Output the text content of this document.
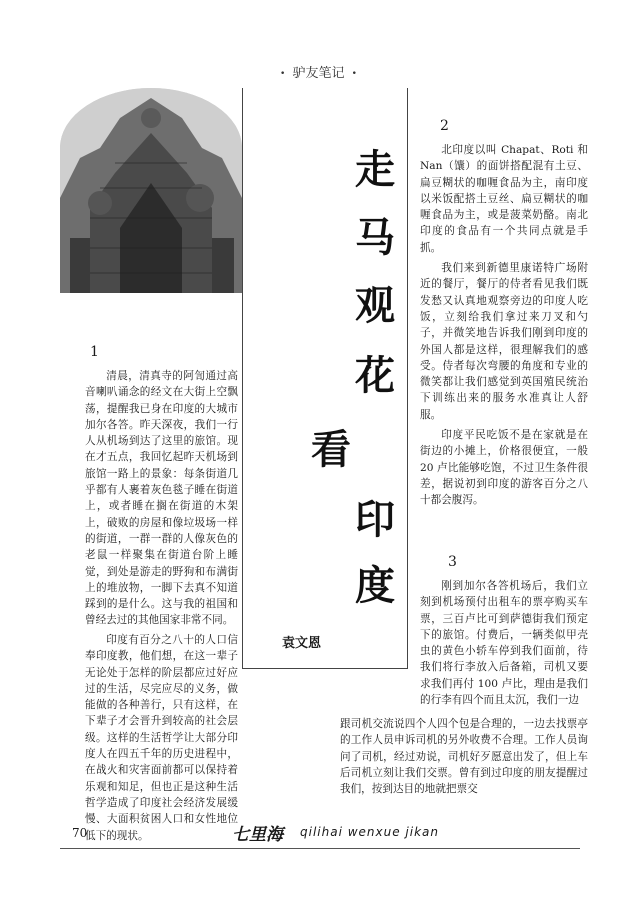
• 驴友笔记 •
走
马
观
花
看
印
度
袁文恩
1

清晨，清真寺的阿訇通过高音喇叭诵念的经文在大街上空飘荡，提醒我已身在印度的大城市加尔各答。昨天深夜，我们一行人从机场到达了这里的旅馆。现在才五点，我回忆起昨天机场到旅馆一路上的景象：每条街道几乎都有人裹着灰色毯子睡在街道上，或者睡在搁在街道的木架上，破败的房屋和像垃圾场一样的街道，一群一群的人像灰色的老鼠一样聚集在街道台阶上睡觉，到处是游走的野狗和布满街上的堆放物，一脚下去真不知道踩到的是什么。这与我的祖国和曾经去过的其他国家非常不同。

印度有百分之八十的人口信奉印度教，他们想，在这一辈子无论处于怎样的阶层都应过好应过的生活，尽完应尽的义务，做能做的各种善行，只有这样，在下辈子才会晋升到较高的社会层级。这样的生活哲学让大部分印度人在四五千年的历史进程中，在战火和灾害面前都可以保持着乐观和知足，但也正是这种生活哲学造成了印度社会经济发展缓慢、大面积贫困人口和女性地位低下的现状。

2

北印度以叫 Chapat、Roti 和 Nan（馕）的面饼搭配混有土豆、扁豆糊状的咖喱食品为主，南印度以米饭配搭土豆丝、扁豆糊状的咖喱食品为主，或是菠菜奶酪。南北印度的食品有一个共同点就是手抓。

我们来到新德里康诺特广场附近的餐厅，餐厅的侍者看见我们既发愁又认真地观察旁边的印度人吃饭，立刻给我们拿过来刀叉和勺子，并微笑地告诉我们刚到印度的外国人都是这样，很理解我们的感受。侍者每次弯腰的角度和专业的微笑都让我们感觉到英国殖民统治下训练出来的服务水准真让人舒服。

印度平民吃饭不是在家就是在街边的小摊上，价格很便宜，一般 20 卢比能够吃饱，不过卫生条件很差，据说初到印度的游客百分之八十都会腹泻。

3

刚到加尔各答机场后，我们立刻到机场预付出租车的票亭购买车票，三百卢比可到萨德街我们预定下的旅馆。付费后，一辆类似甲壳虫的黄色小轿车停到我们面前，待我们将行李放入后备箱，司机又要求我们再付 100 卢比，理由是我们的行李有四个而且太沉，我们一边

跟司机交流说四个人四个包是合理的，一边去找票亭的工作人员申诉司机的另外收费不合理。工作人员询问了司机，经过劝说，司机好歹愿意出发了，但上车后司机立刻让我们交票。曾有到过印度的朋友提醒过我们，按到达目的地就把票交

70	七里海 qilihai wenxue jikan
